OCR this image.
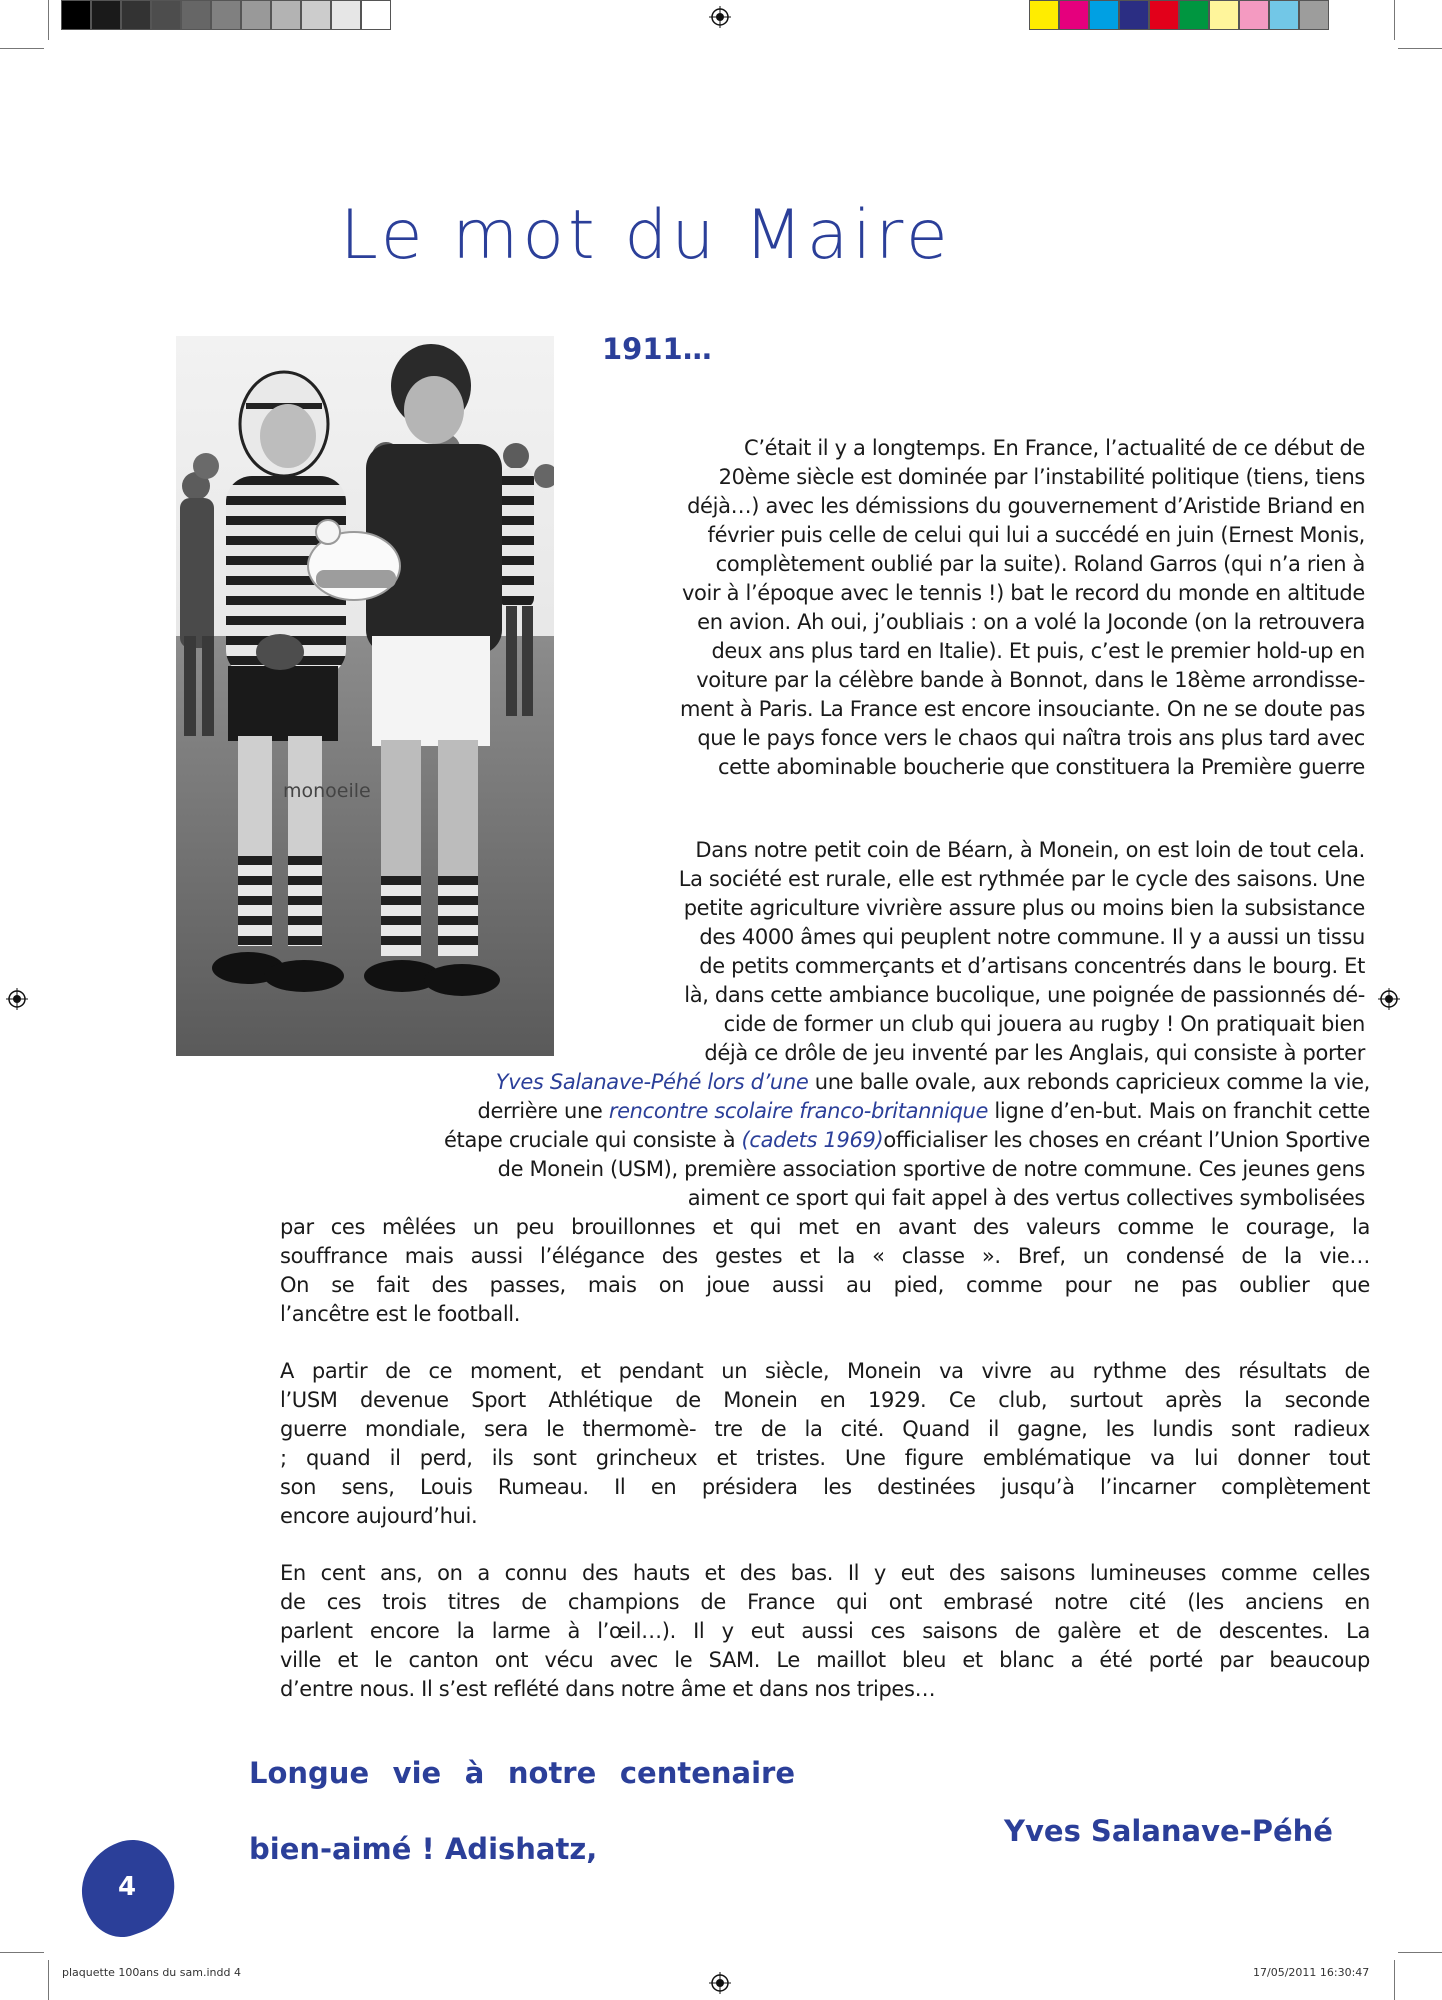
Le mot du Maire
1911…
monoeile
C’était il y a longtemps. En France, l’actualité de ce début de
20ème siècle est dominée par l’instabilité politique (tiens, tiens
déjà…) avec les démissions du gouvernement d’Aristide Briand en
février puis celle de celui qui lui a succédé en juin (Ernest Monis,
complètement oublié par la suite). Roland Garros (qui n’a rien à
voir à l’époque avec le tennis !) bat le record du monde en altitude
en avion. Ah oui, j’oubliais : on a volé la Joconde (on la retrouvera
deux ans plus tard en Italie). Et puis, c’est le premier hold-up en
voiture par la célèbre bande à Bonnot, dans le 18ème arrondisse-
ment à Paris. La France est encore insouciante. On ne se doute pas
que le pays fonce vers le chaos qui naîtra trois ans plus tard avec
cette abominable boucherie que constituera la Première guerre
Dans notre petit coin de Béarn, à Monein, on est loin de tout cela.
La société est rurale, elle est rythmée par le cycle des saisons. Une
petite agriculture vivrière assure plus ou moins bien la subsistance
des 4000 âmes qui peuplent notre commune. Il y a aussi un tissu
de petits commerçants et d’artisans concentrés dans le bourg. Et
là, dans cette ambiance bucolique, une poignée de passionnés dé-
cide de former un club qui jouera au rugby ! On pratiquait bien
déjà ce drôle de jeu inventé par les Anglais, qui consiste à porter
Yves Salanave-Péhé lors d’une une balle ovale, aux rebonds capricieux comme la vie,
derrière une rencontre scolaire franco-britannique ligne d’en-but. Mais on franchit cette
étape cruciale qui consiste à (cadets 1969)officialiser les choses en créant l’Union Sportive
de Monein (USM), première association sportive de notre commune. Ces jeunes gens
aiment ce sport qui fait appel à des vertus collectives symbolisées
par ces mêlées un peu brouillonnes et qui met en avant des valeurs comme le courage, la
souffrance mais aussi l’élégance des gestes et la « classe ». Bref, un condensé de la vie…
On se fait des passes, mais on joue aussi au pied, comme pour ne pas oublier que
l’ancêtre est le football.
A partir de ce moment, et pendant un siècle, Monein va vivre au rythme des résultats de
l’USM devenue Sport Athlétique de Monein en 1929. Ce club, surtout après la seconde
guerre mondiale, sera le thermomè- tre de la cité. Quand il gagne, les lundis sont radieux
; quand il perd, ils sont grincheux et tristes. Une figure emblématique va lui donner tout
son sens, Louis Rumeau. Il en présidera les destinées jusqu’à l’incarner complètement
encore aujourd’hui.
En cent ans, on a connu des hauts et des bas. Il y eut des saisons lumineuses comme celles
de ces trois titres de champions de France qui ont embrasé notre cité (les anciens en
parlent encore la larme à l’œil…). Il y eut aussi ces saisons de galère et de descentes. La
ville et le canton ont vécu avec le SAM. Le maillot bleu et blanc a été porté par beaucoup
d’entre nous. Il s’est reflété dans notre âme et dans nos tripes…
Longue vie à notre centenaire
bien-aimé ! Adishatz,
Yves Salanave-Péhé
4
plaquette 100ans du sam.indd 4	17/05/2011 16:30:47
